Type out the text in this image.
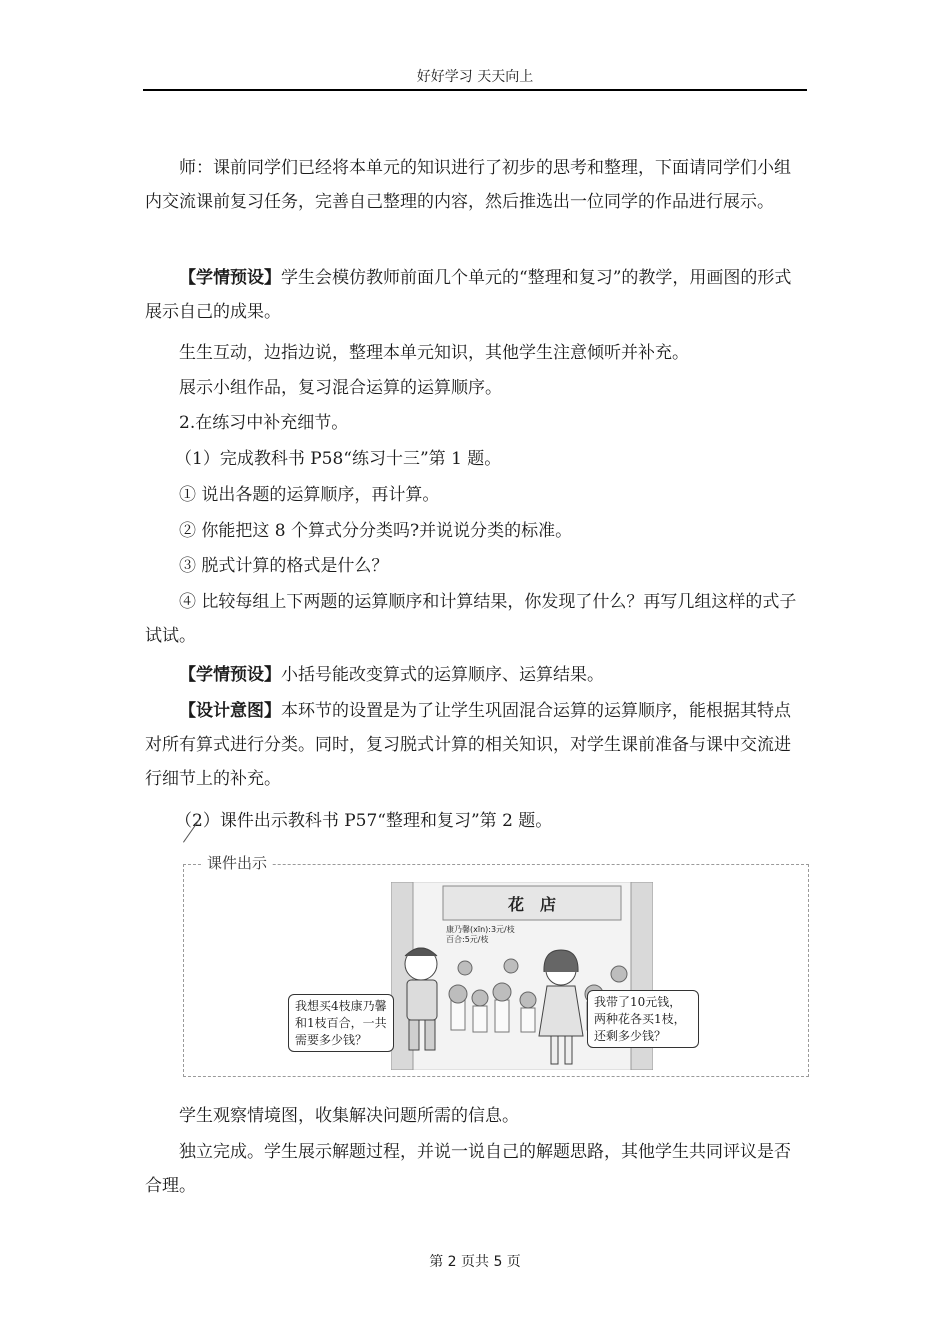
好好学习 天天向上

师：课前同学们已经将本单元的知识进行了初步的思考和整理，下面请同学们小组内交流课前复习任务，完善自己整理的内容，然后推选出一位同学的作品进行展示。

【学情预设】学生会模仿教师前面几个单元的“整理和复习”的教学，用画图的形式展示自己的成果。

生生互动，边指边说，整理本单元知识，其他学生注意倾听并补充。

展示小组作品，复习混合运算的运算顺序。

2.在练习中补充细节。

（1）完成教科书 P58“练习十三”第 1 题。

① 说出各题的运算顺序，再计算。

② 你能把这 8 个算式分分类吗?并说说分类的标准。

③ 脱式计算的格式是什么？

④ 比较每组上下两题的运算顺序和计算结果，你发现了什么？再写几组这样的式子试试。

【学情预设】小括号能改变算式的运算顺序、运算结果。

【设计意图】本环节的设置是为了让学生巩固混合运算的运算顺序，能根据其特点对所有算式进行分类。同时，复习脱式计算的相关知识，对学生课前准备与课中交流进行细节上的补充。

（2）课件出示教科书 P57“整理和复习”第 2 题。

课件出示
花　店
康乃馨(xīn):3元/枝
百合:5元/枝
我想买4枝康乃馨和1枝百合，一共需要多少钱？
我带了10元钱，两种花各买1枝，还剩多少钱？

学生观察情境图，收集解决问题所需的信息。

独立完成。学生展示解题过程，并说一说自己的解题思路，其他学生共同评议是否合理。

第 2 页共 5 页
